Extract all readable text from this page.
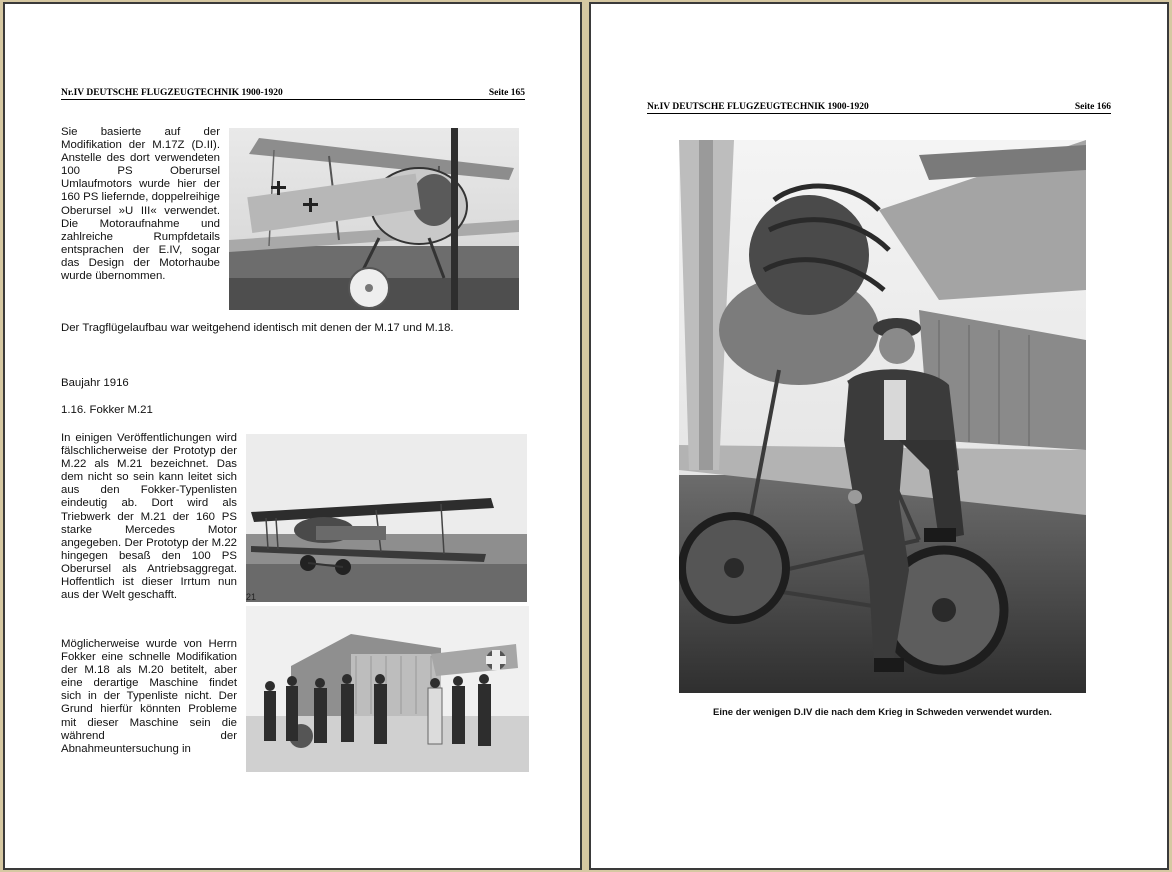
Nr.IV DEUTSCHE FLUGZEUGTECHNIK 1900-1920	Seite 165
Sie basierte auf der Modifikation der M.17Z (D.II). Anstelle des dort verwendeten 100 PS Oberursel Umlaufmotors wurde hier der 160 PS liefernde, doppelreihige Oberursel »U III« verwendet. Die Motoraufnahme und zahlreiche Rumpfdetails entsprachen der E.IV, sogar das Design der Motorhaube wurde übernommen.
Der Tragflügelaufbau war weitgehend identisch mit denen der M.17 und M.18.
Baujahr 1916
1.16. Fokker M.21
In einigen Veröffentlichungen wird fälschlicherweise der Prototyp der M.22 als M.21 bezeichnet. Das dem nicht so sein kann leitet sich aus den Fokker-Typenlisten eindeutig ab. Dort wird als Triebwerk der M.21 der 160 PS starke Mercedes Motor angegeben. Der Prototyp der M.22 hingegen besaß den 100 PS Oberursel als Antriebsaggregat. Hoffentlich ist dieser Irrtum nun aus der Welt geschafft.	21
Möglicherweise wurde von Herrn Fokker eine schnelle Modifikation der M.18 als M.20 betitelt, aber eine derartige Maschine findet sich in der Typenliste nicht. Der Grund hierfür könnten Probleme mit dieser Maschine sein die während der Abnahmeuntersuchung in
Nr.IV DEUTSCHE FLUGZEUGTECHNIK 1900-1920	Seite 166
Eine der wenigen D.IV die nach dem Krieg in Schweden verwendet wurden.
